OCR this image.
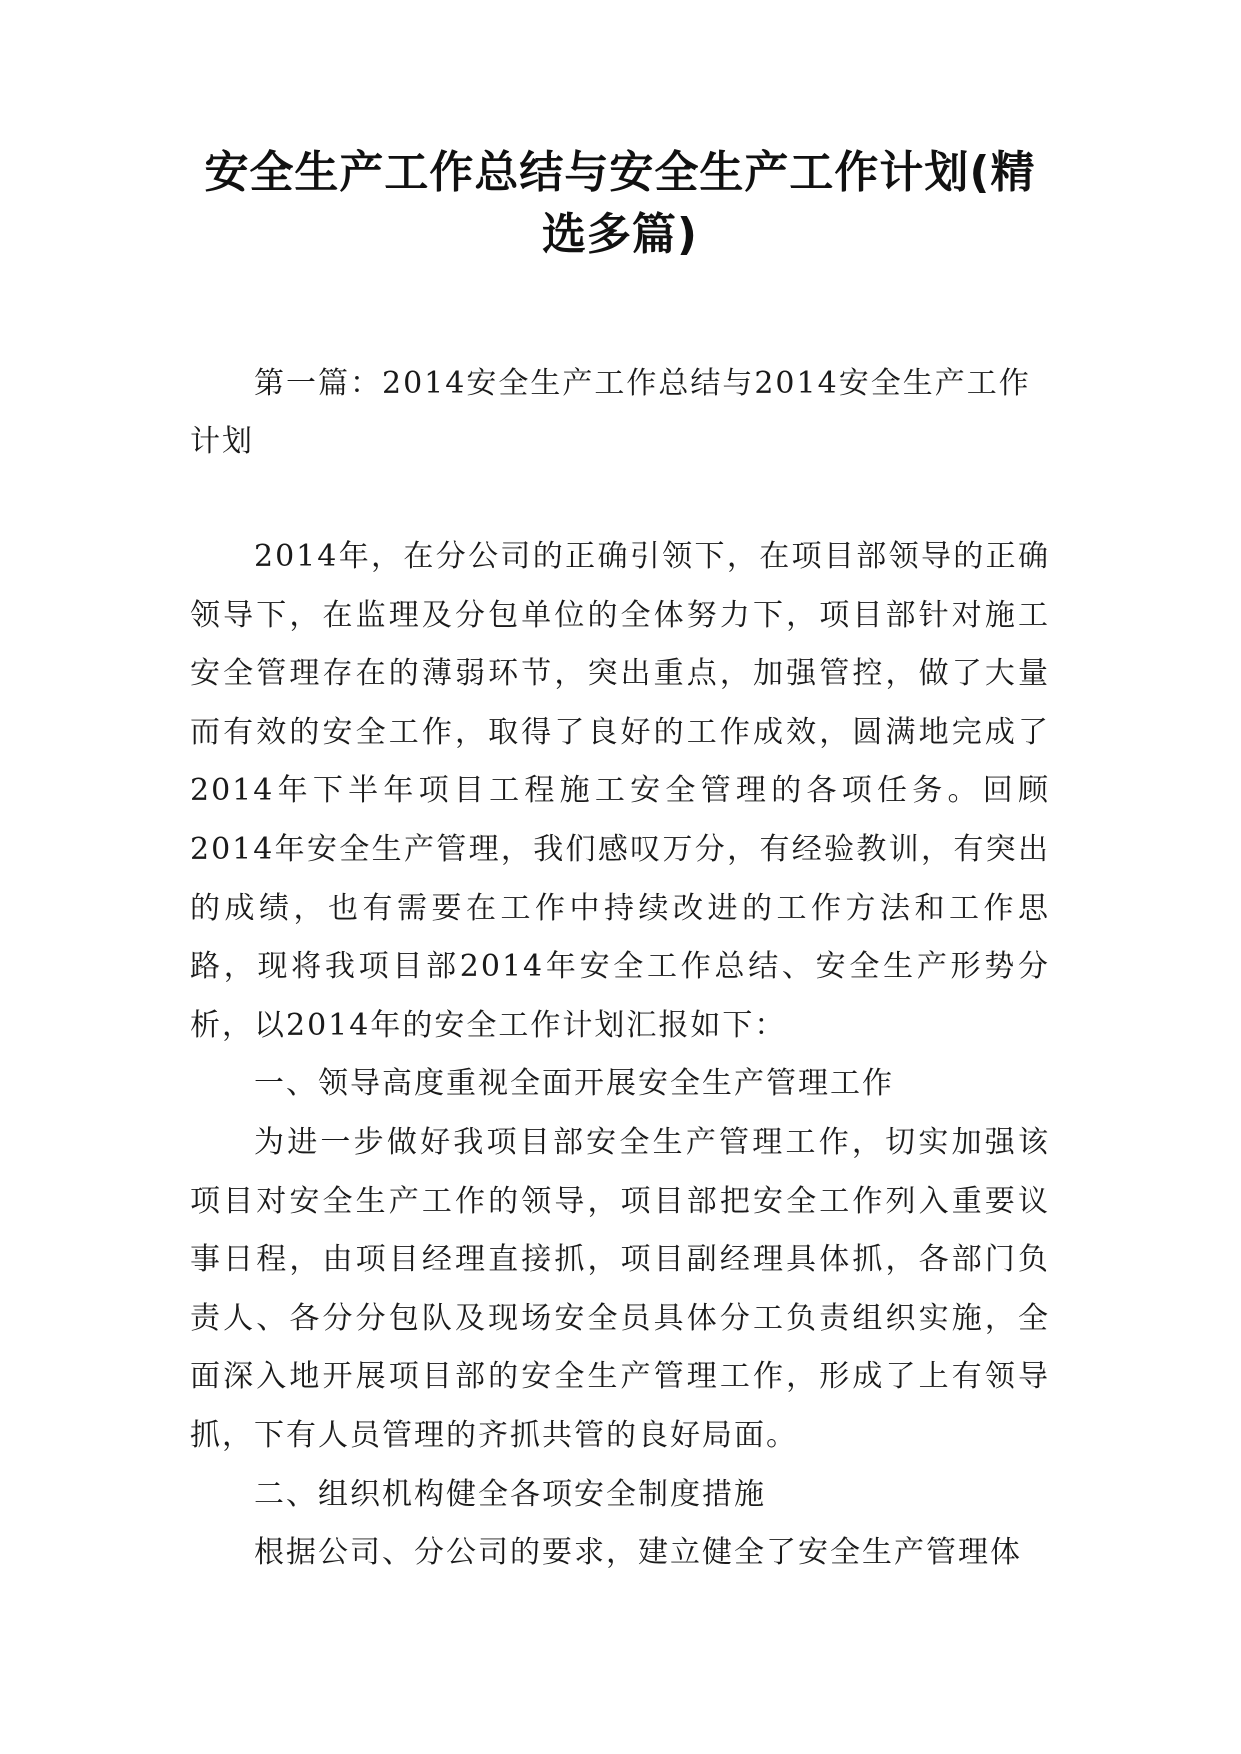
安全生产工作总结与安全生产工作计划(精选多篇)
第一篇：2014安全生产工作总结与2014安全生产工作计划

2014年，在分公司的正确引领下，在项目部领导的正确领导下，在监理及分包单位的全体努力下，项目部针对施工安全管理存在的薄弱环节，突出重点，加强管控，做了大量而有效的安全工作，取得了良好的工作成效，圆满地完成了2014年下半年项目工程施工安全管理的各项任务。回顾2014年安全生产管理，我们感叹万分，有经验教训，有突出的成绩，也有需要在工作中持续改进的工作方法和工作思路，现将我项目部2014年安全工作总结、安全生产形势分析，以2014年的安全工作计划汇报如下：

一、领导高度重视全面开展安全生产管理工作

为进一步做好我项目部安全生产管理工作，切实加强该项目对安全生产工作的领导，项目部把安全工作列入重要议事日程，由项目经理直接抓，项目副经理具体抓，各部门负责人、各分分包队及现场安全员具体分工负责组织实施，全面深入地开展项目部的安全生产管理工作，形成了上有领导抓，下有人员管理的齐抓共管的良好局面。

二、组织机构健全各项安全制度措施

根据公司、分公司的要求，建立健全了安全生产管理体
